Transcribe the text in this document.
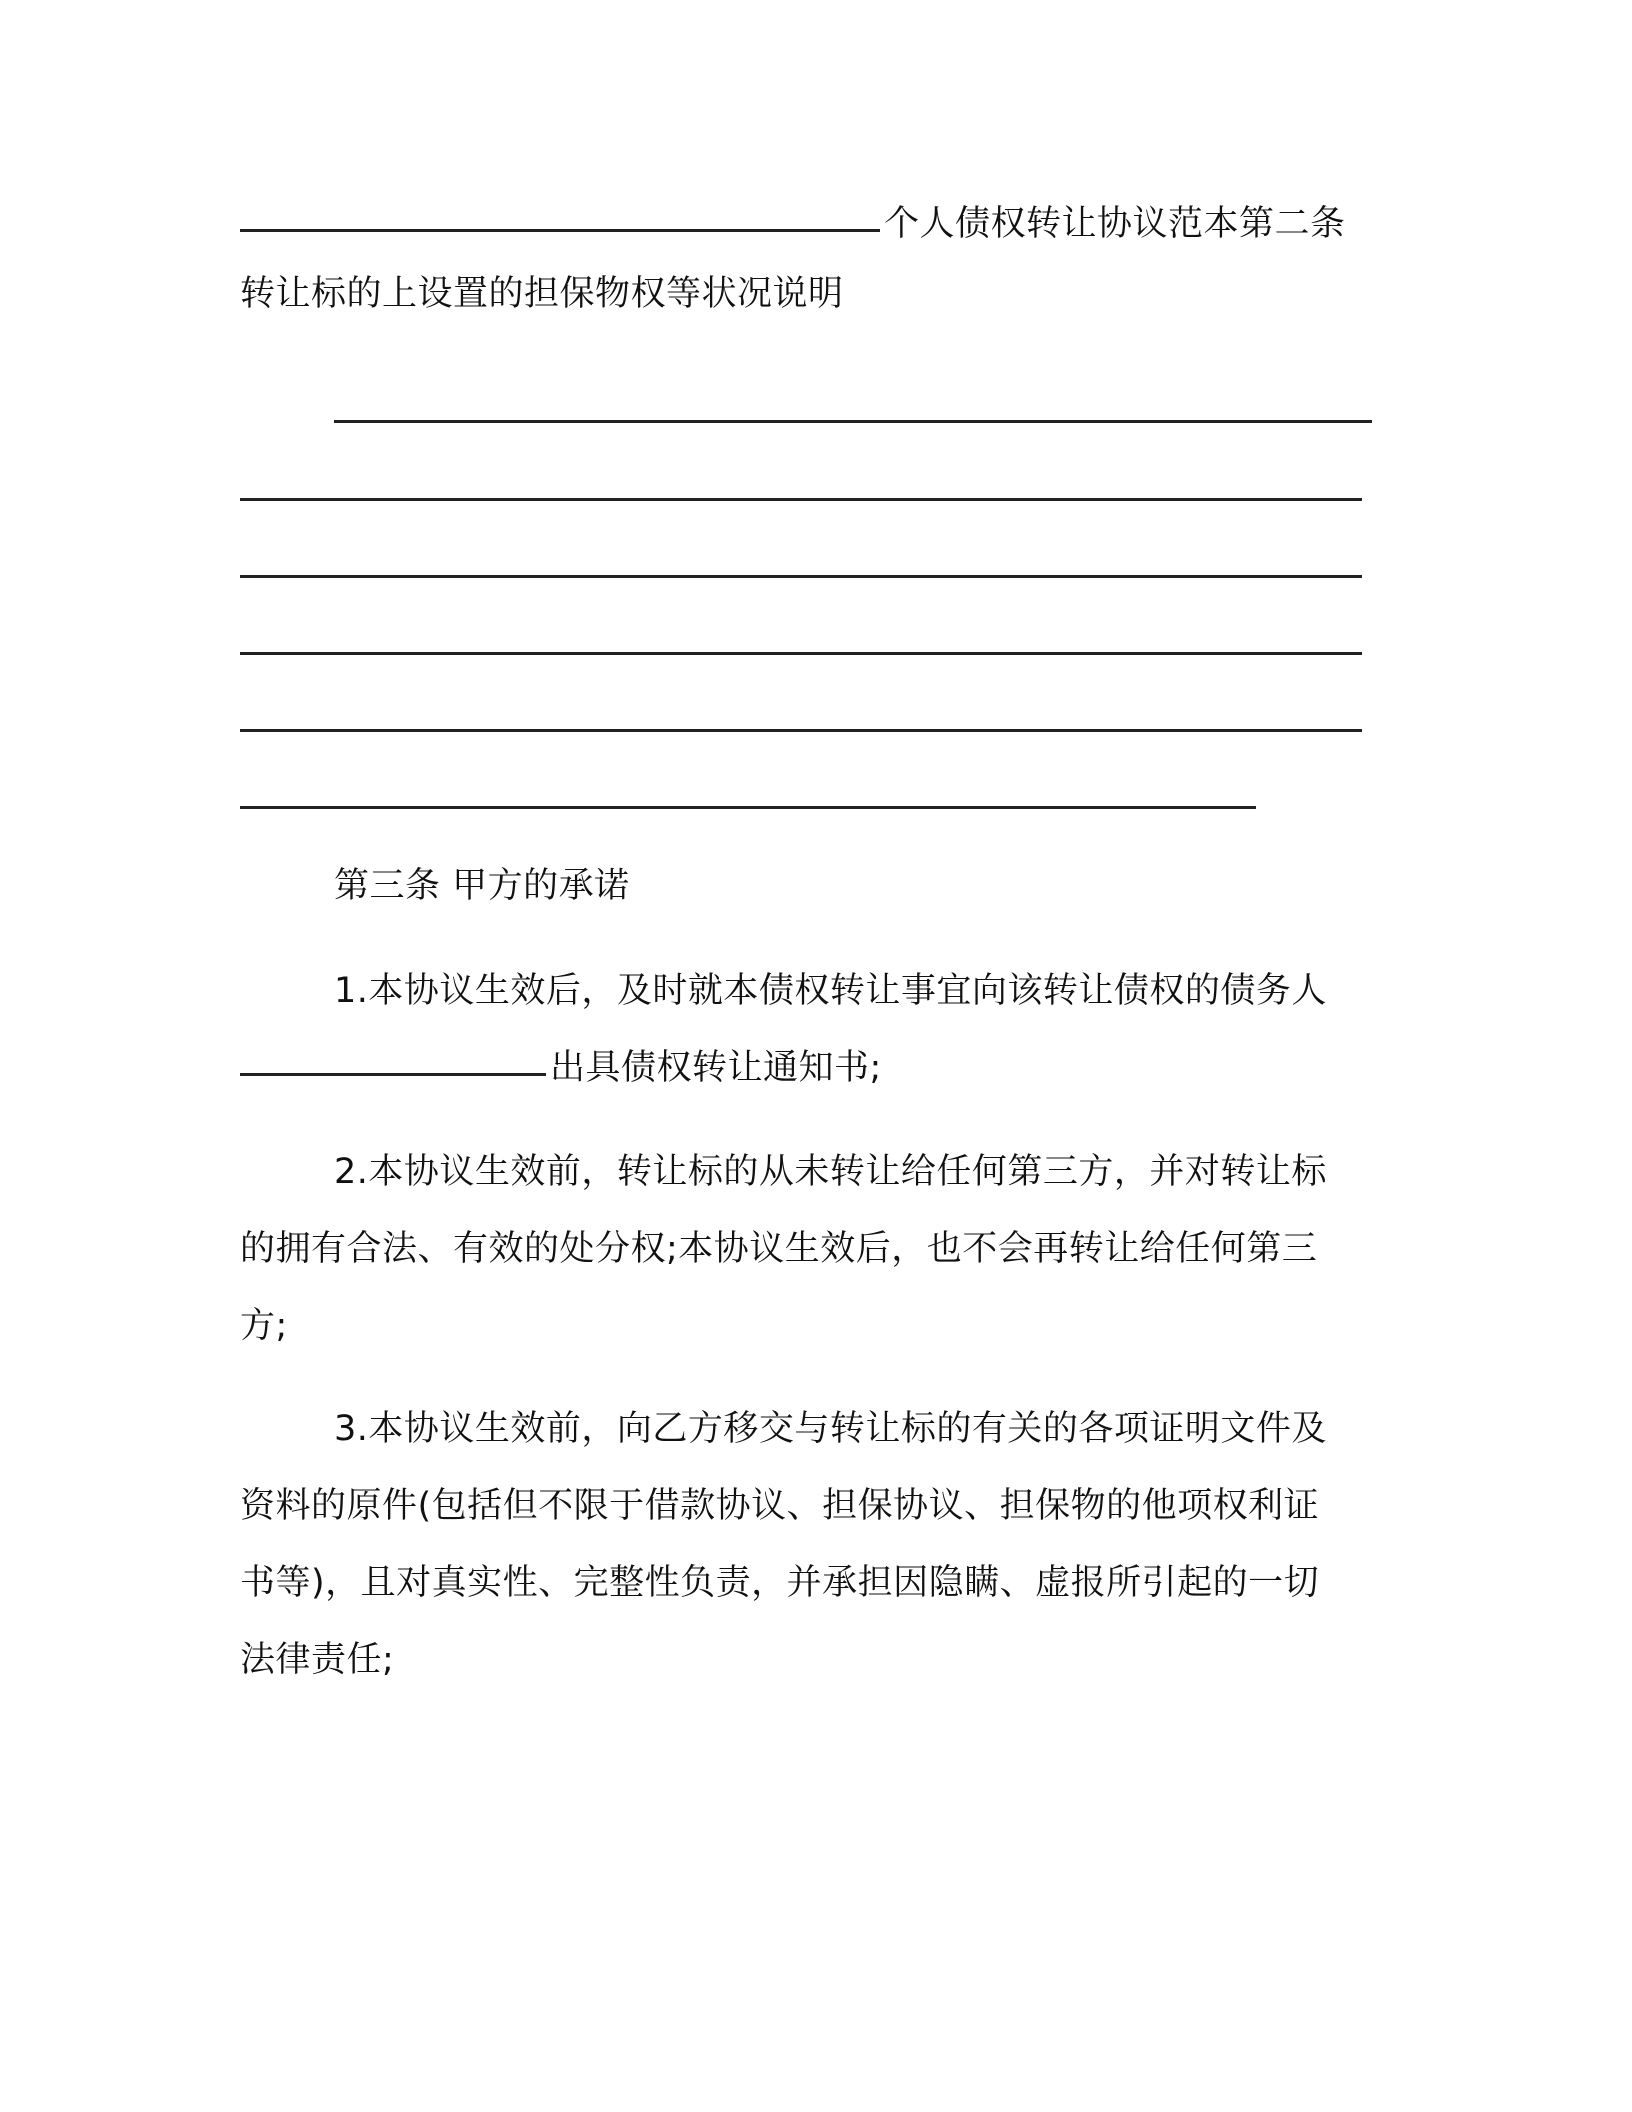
个人债权转让协议范本第二条
转让标的上设置的担保物权等状况说明
第三条 甲方的承诺
1.本协议生效后，及时就本债权转让事宜向该转让债权的债务人
出具债权转让通知书;
2.本协议生效前，转让标的从未转让给任何第三方，并对转让标
的拥有合法、有效的处分权;本协议生效后，也不会再转让给任何第三
方;
3.本协议生效前，向乙方移交与转让标的有关的各项证明文件及
资料的原件(包括但不限于借款协议、担保协议、担保物的他项权利证
书等)，且对真实性、完整性负责，并承担因隐瞒、虚报所引起的一切
法律责任;
